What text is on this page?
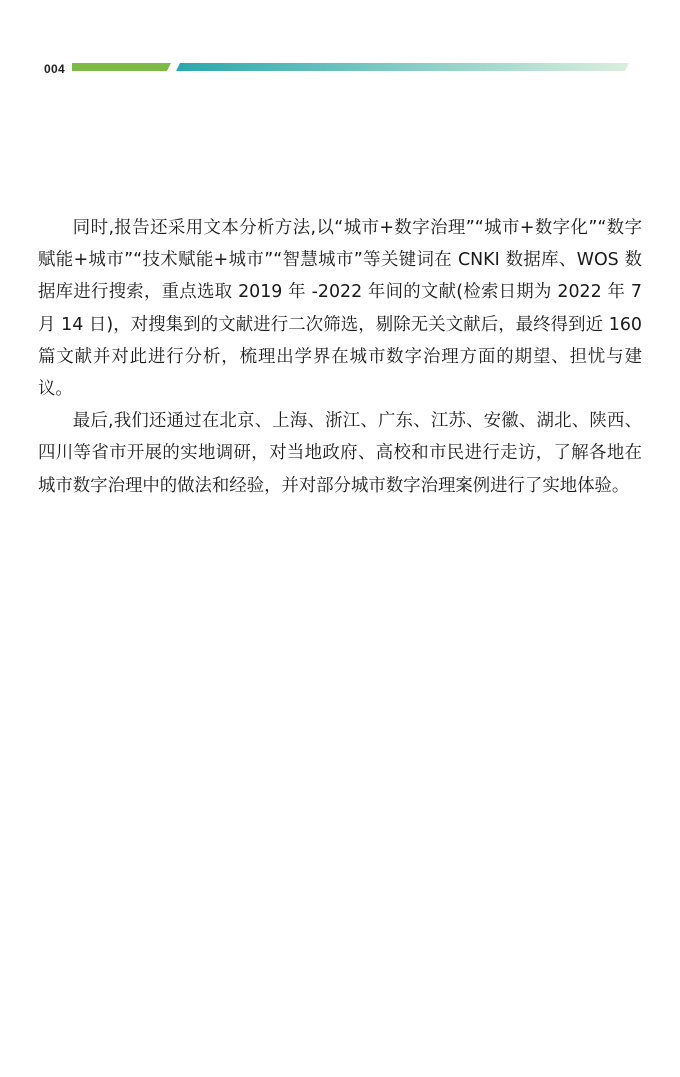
004

同时,报告还采用文本分析方法,以“城市+数字治理”“城市+数字化”“数字赋能+城市”“技术赋能+城市”“智慧城市”等关键词在 CNKI 数据库、WOS 数据库进行搜索，重点选取 2019 年 -2022 年间的文献(检索日期为 2022 年 7 月 14 日)，对搜集到的文献进行二次筛选，剔除无关文献后，最终得到近 160 篇文献并对此进行分析，梳理出学界在城市数字治理方面的期望、担忧与建议。

最后,我们还通过在北京、上海、浙江、广东、江苏、安徽、湖北、陕西、四川等省市开展的实地调研，对当地政府、高校和市民进行走访，了解各地在城市数字治理中的做法和经验，并对部分城市数字治理案例进行了实地体验。
